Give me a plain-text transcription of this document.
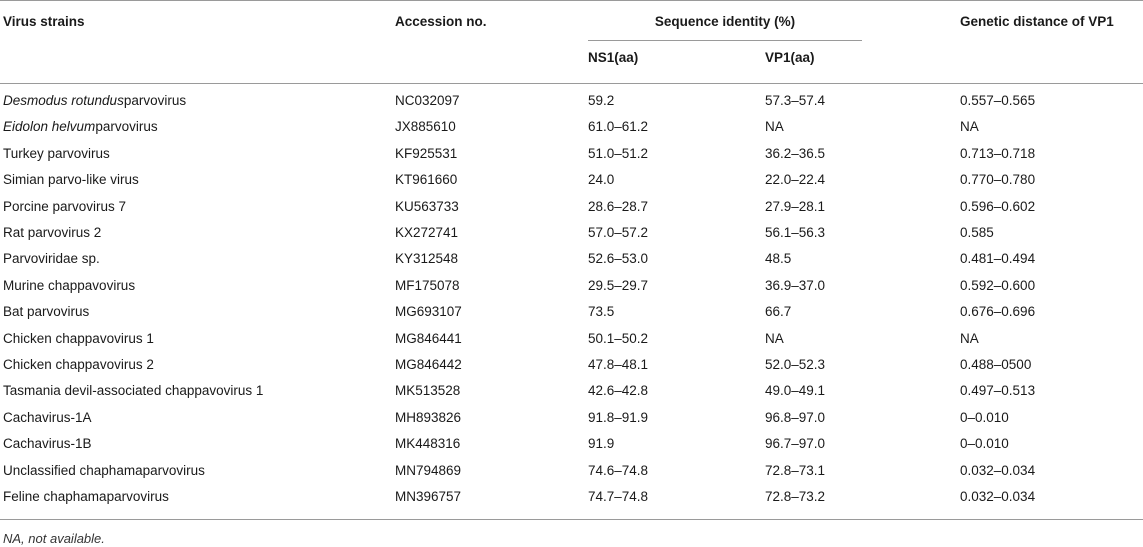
Virus strains	Accession no.	Sequence identity (%)	Genetic distance of VP1
NS1(aa)	VP1(aa)
Desmodus rotundusparvovirus	NC032097	59.2	57.3–57.4	0.557–0.565
Eidolon helvumparvovirus	JX885610	61.0–61.2	NA	NA
Turkey parvovirus	KF925531	51.0–51.2	36.2–36.5	0.713–0.718
Simian parvo-like virus	KT961660	24.0	22.0–22.4	0.770–0.780
Porcine parvovirus 7	KU563733	28.6–28.7	27.9–28.1	0.596–0.602
Rat parvovirus 2	KX272741	57.0–57.2	56.1–56.3	0.585
Parvoviridae sp.	KY312548	52.6–53.0	48.5	0.481–0.494
Murine chappavovirus	MF175078	29.5–29.7	36.9–37.0	0.592–0.600
Bat parvovirus	MG693107	73.5	66.7	0.676–0.696
Chicken chappavovirus 1	MG846441	50.1–50.2	NA	NA
Chicken chappavovirus 2	MG846442	47.8–48.1	52.0–52.3	0.488–0500
Tasmania devil-associated chappavovirus 1	MK513528	42.6–42.8	49.0–49.1	0.497–0.513
Cachavirus-1A	MH893826	91.8–91.9	96.8–97.0	0–0.010
Cachavirus-1B	MK448316	91.9	96.7–97.0	0–0.010
Unclassified chaphamaparvovirus	MN794869	74.6–74.8	72.8–73.1	0.032–0.034
Feline chaphamaparvovirus	MN396757	74.7–74.8	72.8–73.2	0.032–0.034
NA, not available.
